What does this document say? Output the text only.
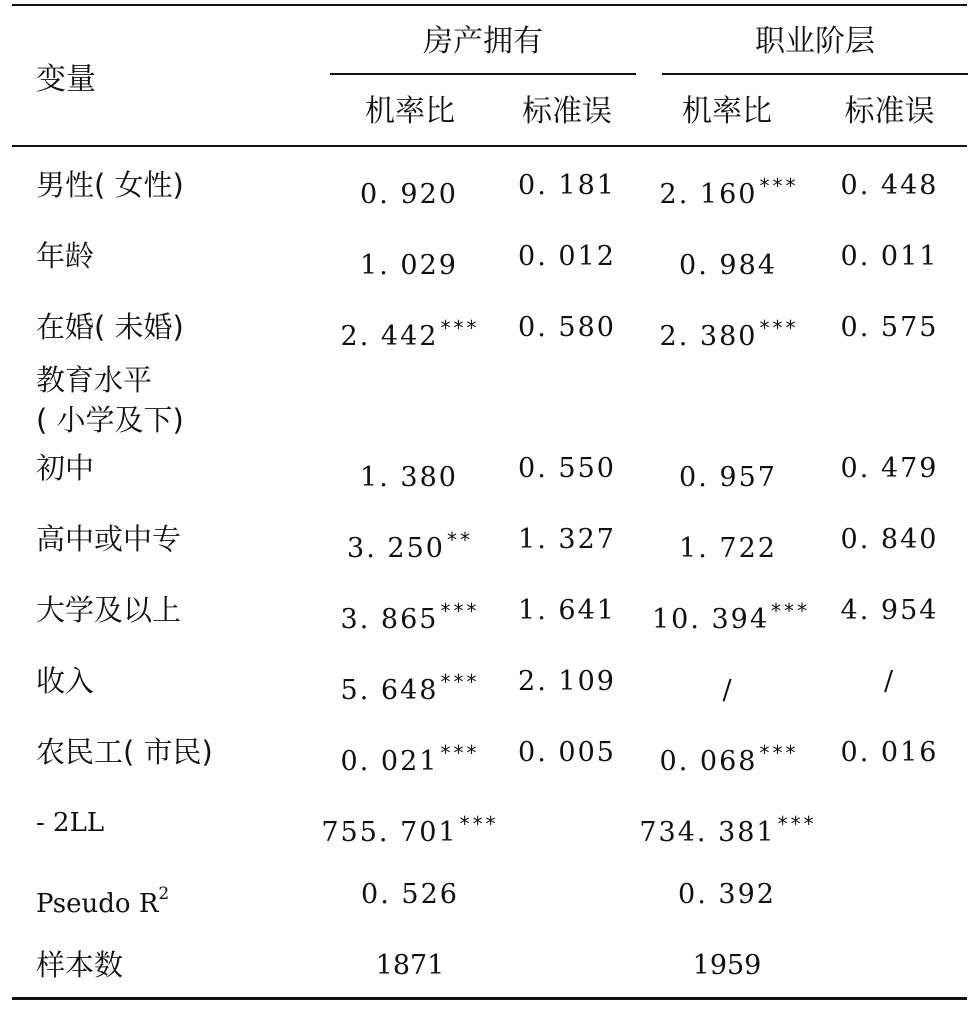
变量
房产拥有	职业阶层
机率比	标准误	机率比	标准误
男性( 女性)	0. 920	0. 181	2. 160 ***	0. 448
年龄	1. 029	0. 012	0. 984	0. 011
在婚( 未婚)	2. 442 ***	0. 580	2. 380 ***	0. 575
教育水平
( 小学及下)
初中	1. 380	0. 550	0. 957	0. 479
高中或中专	3. 250 **	1. 327	1. 722	0. 840
大学及以上	3. 865 ***	1. 641	10. 394 ***	4. 954
收入	5. 648 ***	2. 109	/	/
农民工( 市民)	0. 021 ***	0. 005	0. 068 ***	0. 016
- 2LL	755. 701 ***	734. 381 ***
Pseudo $R^2$	0. 526	0. 392
样本数	1871	1959
